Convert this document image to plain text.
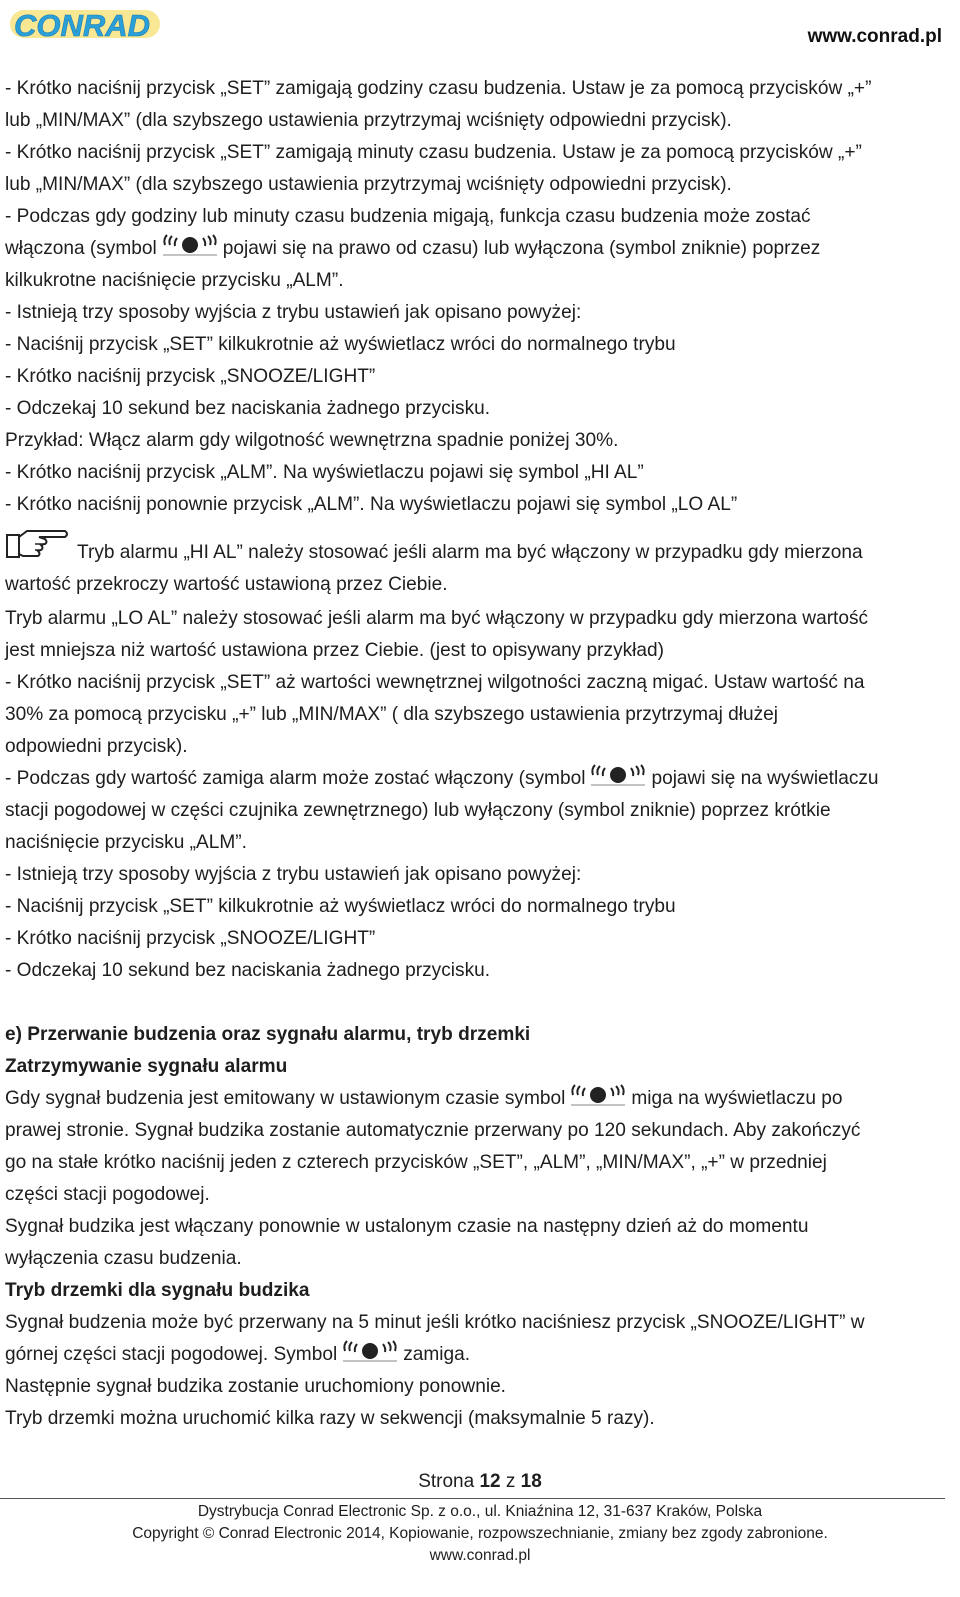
CONRAD	www.conrad.pl
- Krótko naciśnij przycisk „SET” zamigają godziny czasu budzenia. Ustaw je za pomocą przycisków „+”
lub „MIN/MAX” (dla szybszego ustawienia przytrzymaj wciśnięty odpowiedni przycisk).
- Krótko naciśnij przycisk „SET” zamigają minuty czasu budzenia. Ustaw je za pomocą przycisków „+”
lub „MIN/MAX” (dla szybszego ustawienia przytrzymaj wciśnięty odpowiedni przycisk).
- Podczas gdy godziny lub minuty czasu budzenia migają, funkcja czasu budzenia może zostać
włączona (symbol	pojawi się na prawo od czasu) lub wyłączona (symbol zniknie) poprzez
kilkukrotne naciśnięcie przycisku „ALM”.
- Istnieją trzy sposoby wyjścia z trybu ustawień jak opisano powyżej:
- Naciśnij przycisk „SET” kilkukrotnie aż wyświetlacz wróci do normalnego trybu
- Krótko naciśnij przycisk „SNOOZE/LIGHT”
- Odczekaj 10 sekund bez naciskania żadnego przycisku.
Przykład: Włącz alarm gdy wilgotność wewnętrzna spadnie poniżej 30%.
- Krótko naciśnij przycisk „ALM”. Na wyświetlaczu pojawi się symbol „HI AL”
- Krótko naciśnij ponownie przycisk „ALM”. Na wyświetlaczu pojawi się symbol „LO AL”
Tryb alarmu „HI AL” należy stosować jeśli alarm ma być włączony w przypadku gdy mierzona
wartość przekroczy wartość ustawioną przez Ciebie.
Tryb alarmu „LO AL” należy stosować jeśli alarm ma być włączony w przypadku gdy mierzona wartość
jest mniejsza niż wartość ustawiona przez Ciebie. (jest to opisywany przykład)
- Krótko naciśnij przycisk „SET” aż wartości wewnętrznej wilgotności zaczną migać. Ustaw wartość na
30% za pomocą przycisku „+” lub „MIN/MAX” ( dla szybszego ustawienia przytrzymaj dłużej
odpowiedni przycisk).
- Podczas gdy wartość zamiga alarm może zostać włączony (symbol	pojawi się na wyświetlaczu
stacji pogodowej w części czujnika zewnętrznego) lub wyłączony (symbol zniknie) poprzez krótkie
naciśnięcie przycisku „ALM”.
- Istnieją trzy sposoby wyjścia z trybu ustawień jak opisano powyżej:
- Naciśnij przycisk „SET” kilkukrotnie aż wyświetlacz wróci do normalnego trybu
- Krótko naciśnij przycisk „SNOOZE/LIGHT”
- Odczekaj 10 sekund bez naciskania żadnego przycisku.
e) Przerwanie budzenia oraz sygnału alarmu, tryb drzemki
Zatrzymywanie sygnału alarmu
Gdy sygnał budzenia jest emitowany w ustawionym czasie symbol	miga na wyświetlaczu po
prawej stronie. Sygnał budzika zostanie automatycznie przerwany po 120 sekundach. Aby zakończyć
go na stałe krótko naciśnij jeden z czterech przycisków „SET”, „ALM”, „MIN/MAX”, „+” w przedniej
części stacji pogodowej.
Sygnał budzika jest włączany ponownie w ustalonym czasie na następny dzień aż do momentu
wyłączenia czasu budzenia.
Tryb drzemki dla sygnału budzika
Sygnał budzenia może być przerwany na 5 minut jeśli krótko naciśniesz przycisk „SNOOZE/LIGHT” w
górnej części stacji pogodowej. Symbol	zamiga.
Następnie sygnał budzika zostanie uruchomiony ponownie.
Tryb drzemki można uruchomić kilka razy w sekwencji (maksymalnie 5 razy).
Strona 12 z 18
Dystrybucja Conrad Electronic Sp. z o.o., ul. Kniaźnina 12, 31-637 Kraków, Polska
Copyright © Conrad Electronic 2014, Kopiowanie, rozpowszechnianie, zmiany bez zgody zabronione.
www.conrad.pl
